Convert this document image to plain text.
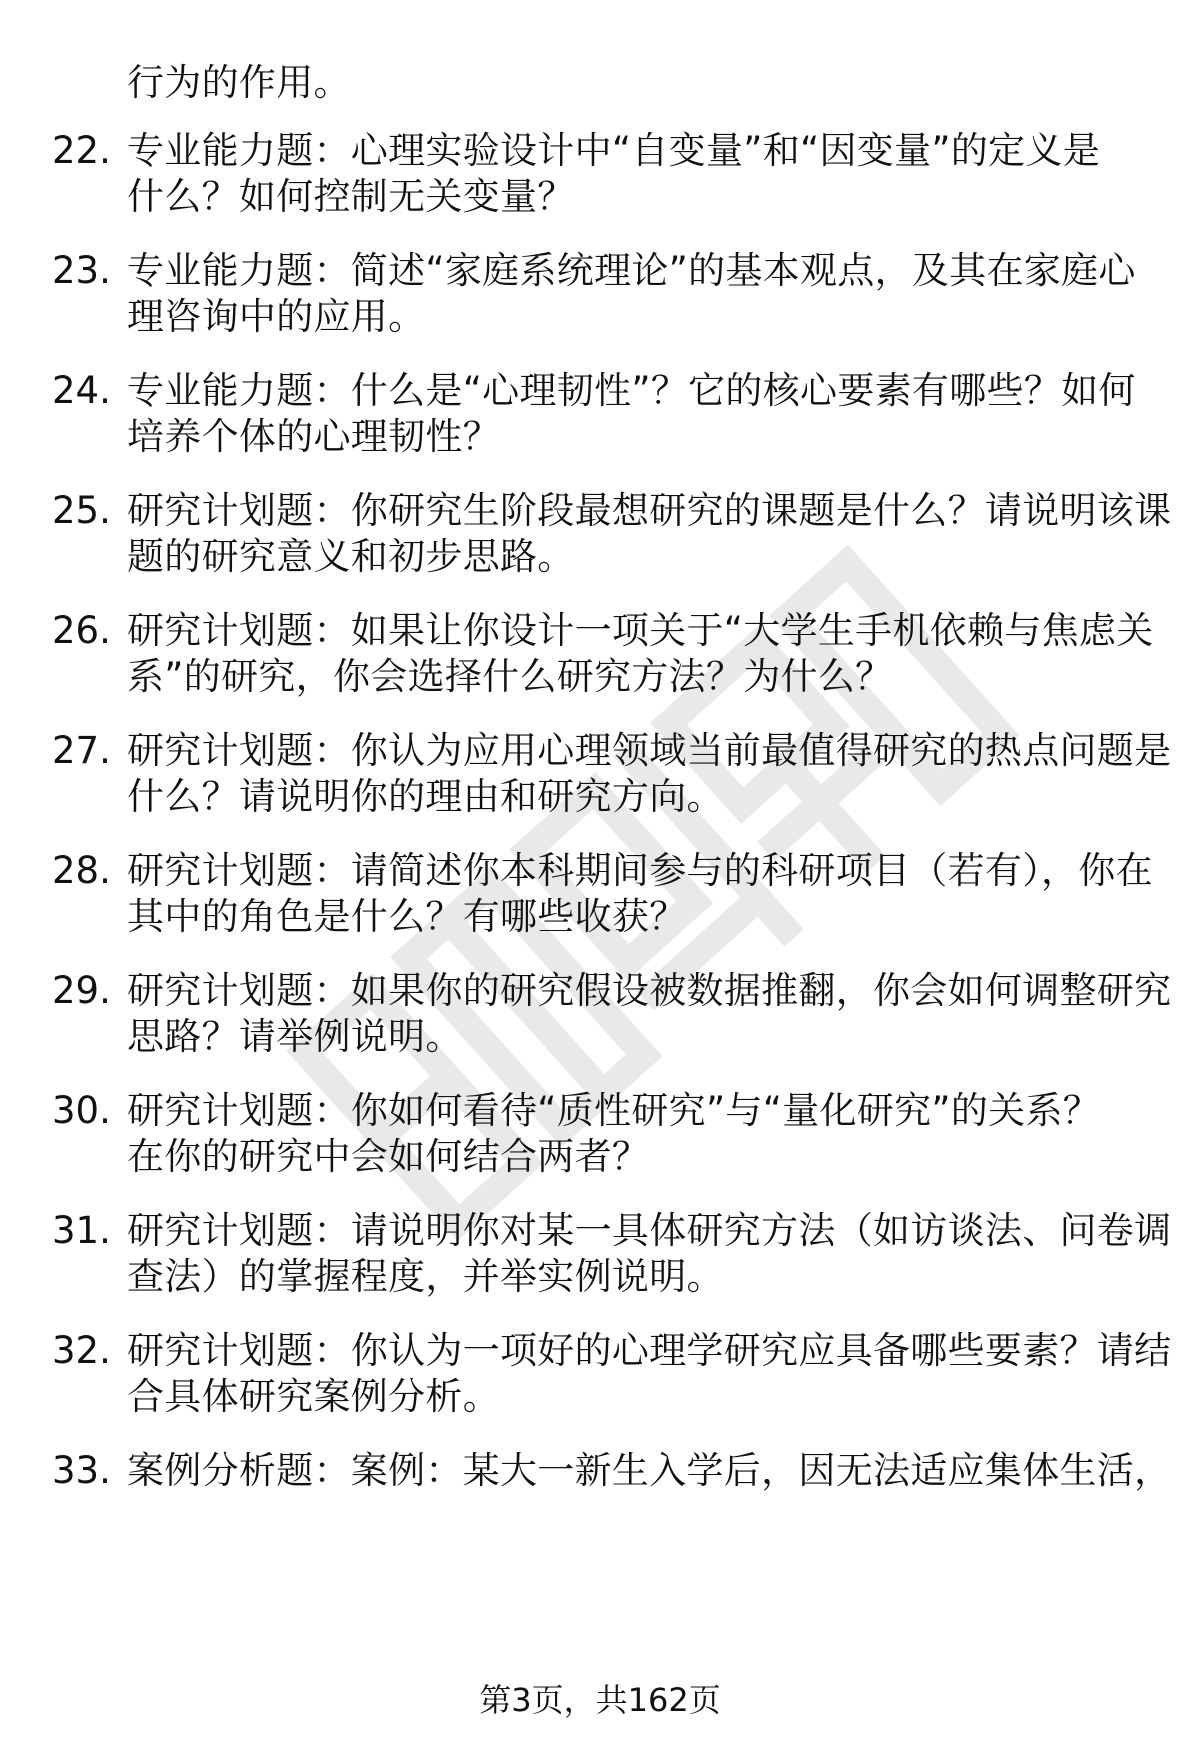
行为的作用。
22. 专业能力题：心理实验设计中“自变量”和“因变量”的定义是
什么？如何控制无关变量？
23. 专业能力题：简述“家庭系统理论”的基本观点，及其在家庭心
理咨询中的应用。
24. 专业能力题：什么是“心理韧性”？它的核心要素有哪些？如何
培养个体的心理韧性？
25. 研究计划题：你研究生阶段最想研究的课题是什么？请说明该课
题的研究意义和初步思路。
26. 研究计划题：如果让你设计一项关于“大学生手机依赖与焦虑关
系”的研究，你会选择什么研究方法？为什么？
27. 研究计划题：你认为应用心理领域当前最值得研究的热点问题是
什么？请说明你的理由和研究方向。
28. 研究计划题：请简述你本科期间参与的科研项目（若有），你在
其中的角色是什么？有哪些收获？
29. 研究计划题：如果你的研究假设被数据推翻，你会如何调整研究
思路？请举例说明。
30. 研究计划题：你如何看待“质性研究”与“量化研究”的关系？
在你的研究中会如何结合两者？
31. 研究计划题：请说明你对某一具体研究方法（如访谈法、问卷调
查法）的掌握程度，并举实例说明。
32. 研究计划题：你认为一项好的心理学研究应具备哪些要素？请结
合具体研究案例分析。
33. 案例分析题：案例：某大一新生入学后，因无法适应集体生活，
第3页，共162页
